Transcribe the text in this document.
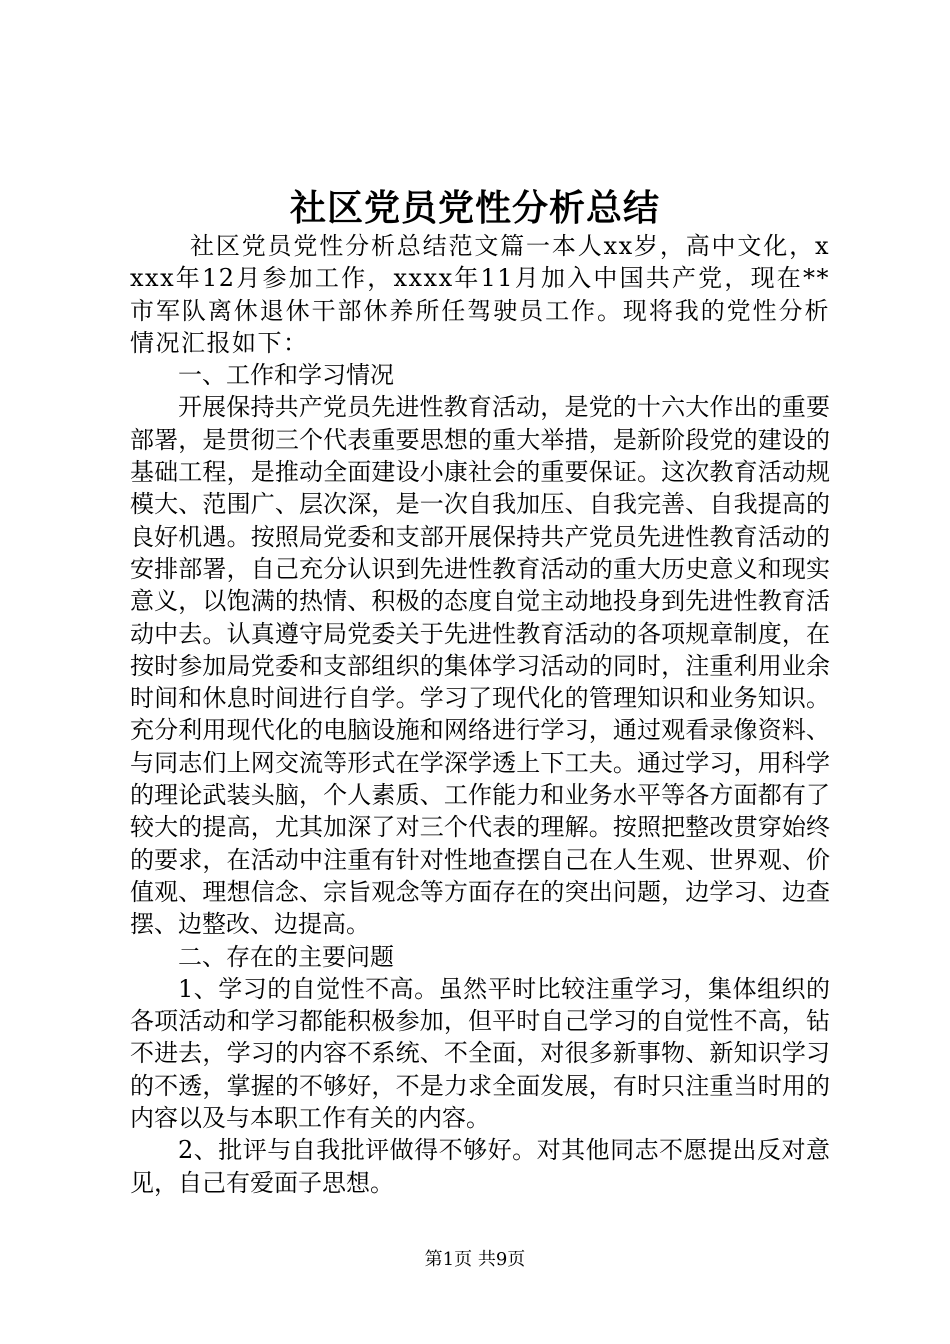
社区党员党性分析总结

社区党员党性分析总结范文篇一本人xx岁，高中文化，xxxx年12月参加工作，xxxx年11月加入中国共产党，现在**市军队离休退休干部休养所任驾驶员工作。现将我的党性分析情况汇报如下：

一、工作和学习情况

开展保持共产党员先进性教育活动，是党的十六大作出的重要部署，是贯彻三个代表重要思想的重大举措，是新阶段党的建设的基础工程，是推动全面建设小康社会的重要保证。这次教育活动规模大、范围广、层次深，是一次自我加压、自我完善、自我提高的良好机遇。按照局党委和支部开展保持共产党员先进性教育活动的安排部署，自己充分认识到先进性教育活动的重大历史意义和现实意义，以饱满的热情、积极的态度自觉主动地投身到先进性教育活动中去。认真遵守局党委关于先进性教育活动的各项规章制度，在按时参加局党委和支部组织的集体学习活动的同时，注重利用业余时间和休息时间进行自学。学习了现代化的管理知识和业务知识。充分利用现代化的电脑设施和网络进行学习，通过观看录像资料、与同志们上网交流等形式在学深学透上下工夫。通过学习，用科学的理论武装头脑，个人素质、工作能力和业务水平等各方面都有了较大的提高，尤其加深了对三个代表的理解。按照把整改贯穿始终的要求，在活动中注重有针对性地查摆自己在人生观、世界观、价值观、理想信念、宗旨观念等方面存在的突出问题，边学习、边查摆、边整改、边提高。

二、存在的主要问题

1、学习的自觉性不高。虽然平时比较注重学习，集体组织的各项活动和学习都能积极参加，但平时自己学习的自觉性不高，钻不进去，学习的内容不系统、不全面，对很多新事物、新知识学习的不透，掌握的不够好，不是力求全面发展，有时只注重当时用的内容以及与本职工作有关的内容。

2、批评与自我批评做得不够好。对其他同志不愿提出反对意见，自己有爱面子思想。

第1页 共9页
